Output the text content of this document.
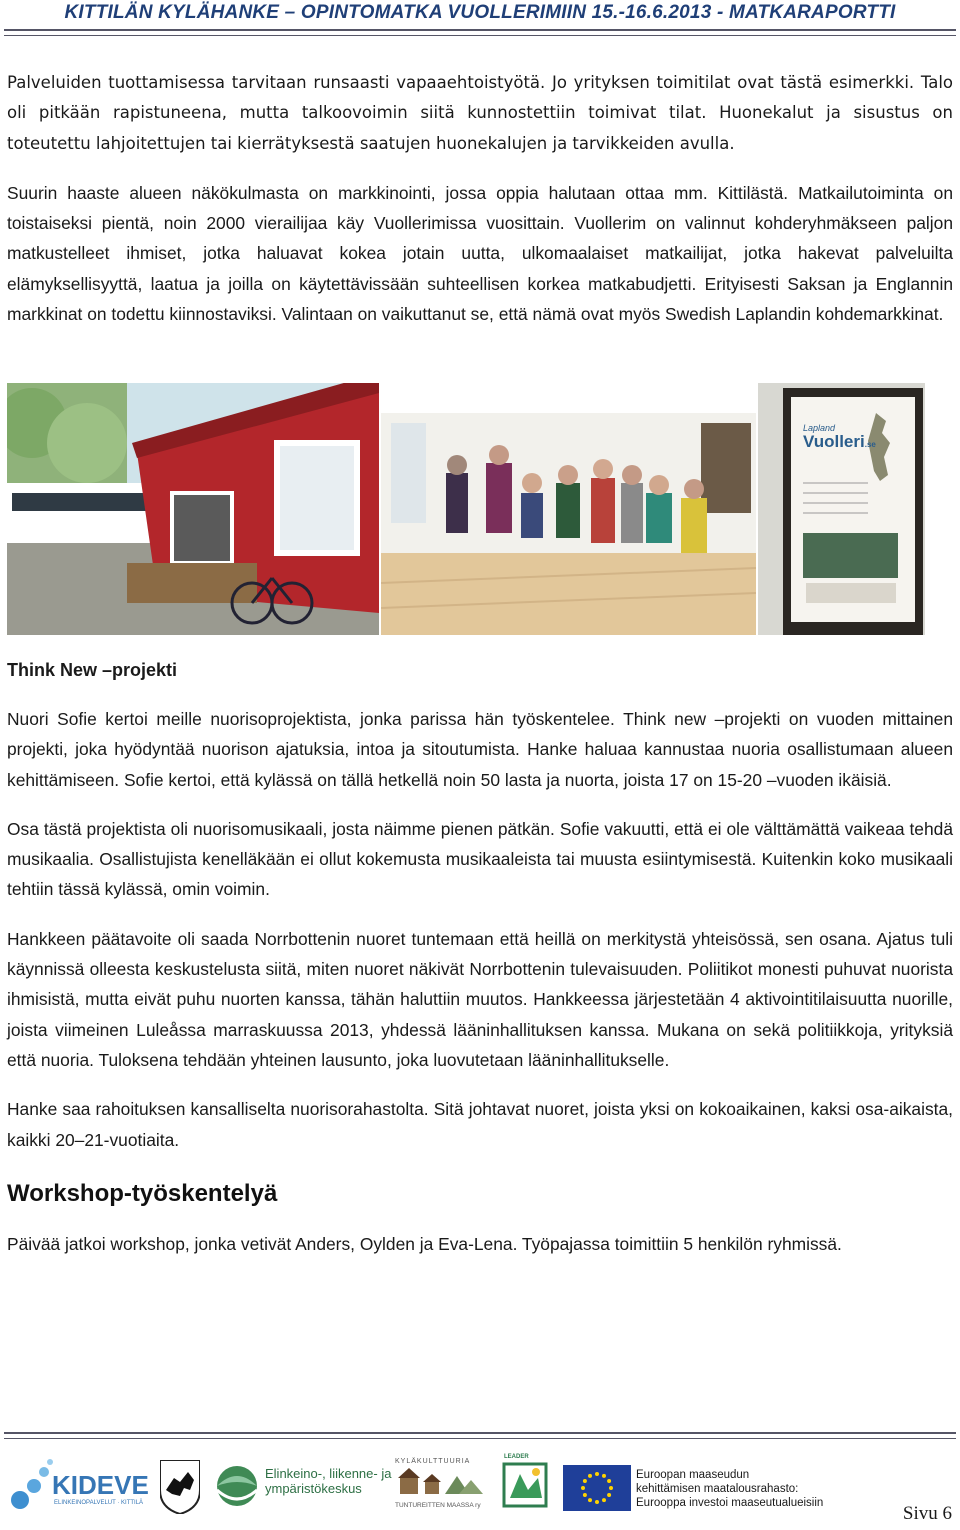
KITTILÄN KYLÄHANKE – OPINTOMATKA VUOLLERIMIIN 15.-16.6.2013 - MATKARAPORTTI

Palveluiden tuottamisessa tarvitaan runsaasti vapaaehtoistyötä. Jo yrityksen toimitilat ovat tästä esimerkki. Talo oli pitkään rapistuneena, mutta talkoovoimin siitä kunnostettiin toimivat tilat. Huonekalut ja sisustus on toteutettu lahjoitettujen tai kierrätyksestä saatujen huonekalujen ja tarvikkeiden avulla.

Suurin haaste alueen näkökulmasta on markkinointi, jossa oppia halutaan ottaa mm. Kittilästä. Matkailutoiminta on toistaiseksi pientä, noin 2000 vierailijaa käy Vuollerimissa vuosittain. Vuollerim on valinnut kohderyhmäkseen paljon matkustelleet ihmiset, jotka haluavat kokea jotain uutta, ulkomaalaiset matkailijat, jotka hakevat palveluilta elämyksellisyyttä, laatua ja joilla on käytettävissään suhteellisen korkea matkabudjetti. Erityisesti Saksan ja Englannin markkinat on todettu kiinnostaviksi. Valintaan on vaikuttanut se, että nämä ovat myös Swedish Laplandin kohdemarkkinat.

Lapland
Vuolleri.se
Think New –projekti

Nuori Sofie kertoi meille nuorisoprojektista, jonka parissa hän työskentelee. Think new –projekti on vuoden mittainen projekti, joka hyödyntää nuorison ajatuksia, intoa ja sitoutumista. Hanke haluaa kannustaa nuoria osallistumaan alueen kehittämiseen. Sofie kertoi, että kylässä on tällä hetkellä noin 50 lasta ja nuorta, joista 17 on 15-20 –vuoden ikäisiä.

Osa tästä projektista oli nuorisomusikaali, josta näimme pienen pätkän. Sofie vakuutti, että ei ole välttämättä vaikeaa tehdä musikaalia. Osallistujista kenelläkään ei ollut kokemusta musikaaleista tai muusta esiintymisestä. Kuitenkin koko musikaali tehtiin tässä kylässä, omin voimin.

Hankkeen päätavoite oli saada Norrbottenin nuoret tuntemaan että heillä on merkitystä yhteisössä, sen osana. Ajatus tuli käynnissä olleesta keskustelusta siitä, miten nuoret näkivät Norrbottenin tulevaisuuden. Poliitikot monesti puhuvat nuorista ihmisistä, mutta eivät puhu nuorten kanssa, tähän haluttiin muutos. Hankkeessa järjestetään 4 aktivointitilaisuutta nuorille, joista viimeinen Luleåssa marraskuussa 2013, yhdessä lääninhallituksen kanssa. Mukana on sekä politiikkoja, yrityksiä että nuoria. Tuloksena tehdään yhteinen lausunto, joka luovutetaan lääninhallitukselle.

Hanke saa rahoituksen kansalliselta nuorisorahastolta. Sitä johtavat nuoret, joista yksi on kokoaikainen, kaksi osa-aikaista, kaikki 20–21-vuotiaita.

Workshop-työskentelyä

Päivää jatkoi workshop, jonka vetivät Anders, Oylden ja Eva-Lena. Työpajassa toimittiin 5 henkilön ryhmissä.

KIDEVE
ELINKEINOPALVELUT · KITTILÄ
Elinkeino-, liikenne- ja
ympäristökeskus
KYLÄKULTTUURIA
TUNTUREITTEN MAASSA ry
LEADER
Euroopan maaseudun
kehittämisen maatalousrahasto:
Eurooppa investoi maaseutualueisiin	Sivu 6
